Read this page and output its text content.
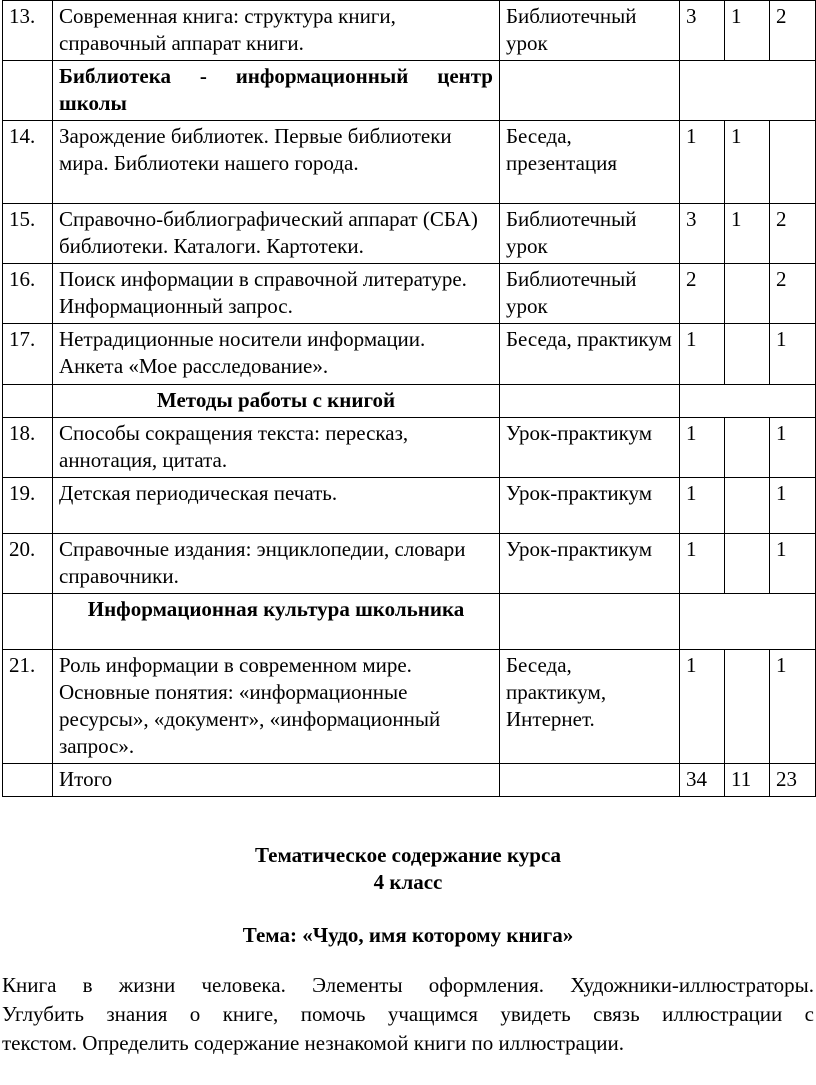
13.	Современная книга: структура книги, справочный аппарат книги.	Библиотечный урок	3	1	2
	Библиотека - информационный центр школы				
14.	Зарождение библиотек. Первые библиотеки мира. Библиотеки нашего города.	Беседа, презентация	1	1	
15.	Справочно-библиографический аппарат (СБА) библиотеки. Каталоги. Картотеки.	Библиотечный урок	3	1	2
16.	Поиск информации в справочной литературе. Информационный запрос.	Библиотечный урок	2		2
17.	Нетрадиционные носители информации. Анкета «Мое расследование».	Беседа, практикум	1		1
	Методы работы с книгой				
18.	Способы сокращения текста: пересказ, аннотация, цитата.	Урок-практикум	1		1
19.	Детская периодическая печать.	Урок-практикум	1		1
20.	Справочные издания: энциклопедии, словари справочники.	Урок-практикум	1		1
	Информационная культура школьника				
21.	Роль информации в современном мире. Основные понятия: «информационные ресурсы», «документ», «информационный запрос».	Беседа, практикум, Интернет.	1		1
	Итого		34	11	23
Тематическое содержание курса
4 класс
Тема: «Чудо, имя которому книга»
Книга в жизни человека. Элементы оформления. Художники-иллюстраторы.
Углубить знания о книге, помочь учащимся увидеть связь иллюстрации с
текстом. Определить содержание незнакомой книги по иллюстрации.
